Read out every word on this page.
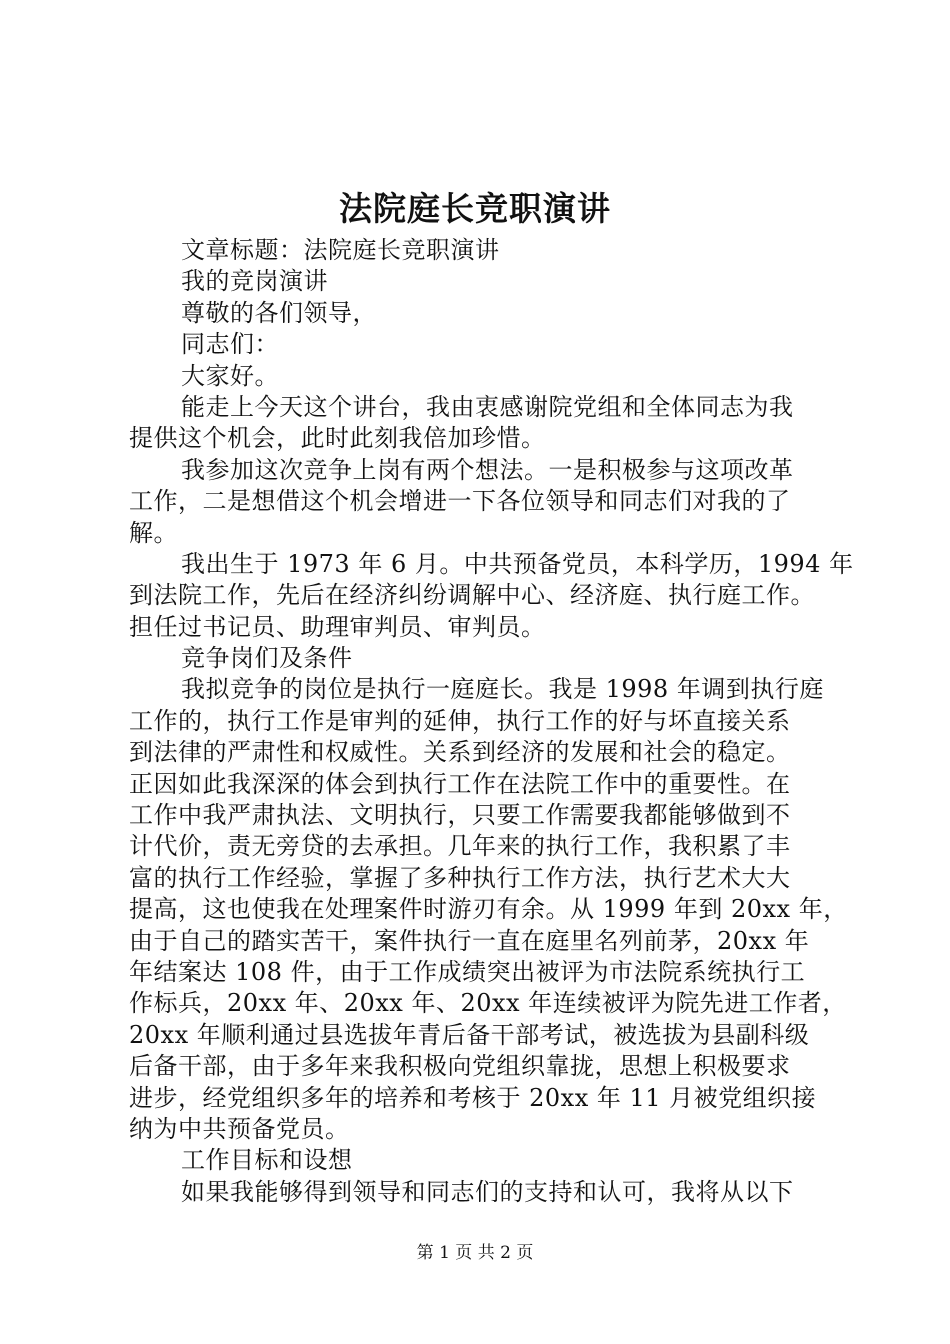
法院庭长竞职演讲
文章标题：法院庭长竞职演讲
我的竞岗演讲
尊敬的各们领导，
同志们：
大家好。
能走上今天这个讲台，我由衷感谢院党组和全体同志为我
提供这个机会，此时此刻我倍加珍惜。
我参加这次竞争上岗有两个想法。一是积极参与这项改革
工作，二是想借这个机会增进一下各位领导和同志们对我的了
解。
我出生于 1973 年 6 月。中共预备党员，本科学历，1994 年
到法院工作，先后在经济纠纷调解中心、经济庭、执行庭工作。
担任过书记员、助理审判员、审判员。
竞争岗们及条件
我拟竞争的岗位是执行一庭庭长。我是 1998 年调到执行庭
工作的，执行工作是审判的延伸，执行工作的好与坏直接关系
到法律的严肃性和权威性。关系到经济的发展和社会的稳定。
正因如此我深深的体会到执行工作在法院工作中的重要性。在
工作中我严肃执法、文明执行，只要工作需要我都能够做到不
计代价，责无旁贷的去承担。几年来的执行工作，我积累了丰
富的执行工作经验，掌握了多种执行工作方法，执行艺术大大
提高，这也使我在处理案件时游刃有余。从 1999 年到 20xx 年，
由于自己的踏实苦干，案件执行一直在庭里名列前茅，20xx 年
年结案达 108 件，由于工作成绩突出被评为市法院系统执行工
作标兵，20xx 年、20xx 年、20xx 年连续被评为院先进工作者，
20xx 年顺利通过县选拔年青后备干部考试，被选拔为县副科级
后备干部，由于多年来我积极向党组织靠拢，思想上积极要求
进步，经党组织多年的培养和考核于 20xx 年 11 月被党组织接
纳为中共预备党员。
工作目标和设想
如果我能够得到领导和同志们的支持和认可，我将从以下
第 1 页 共 2 页
